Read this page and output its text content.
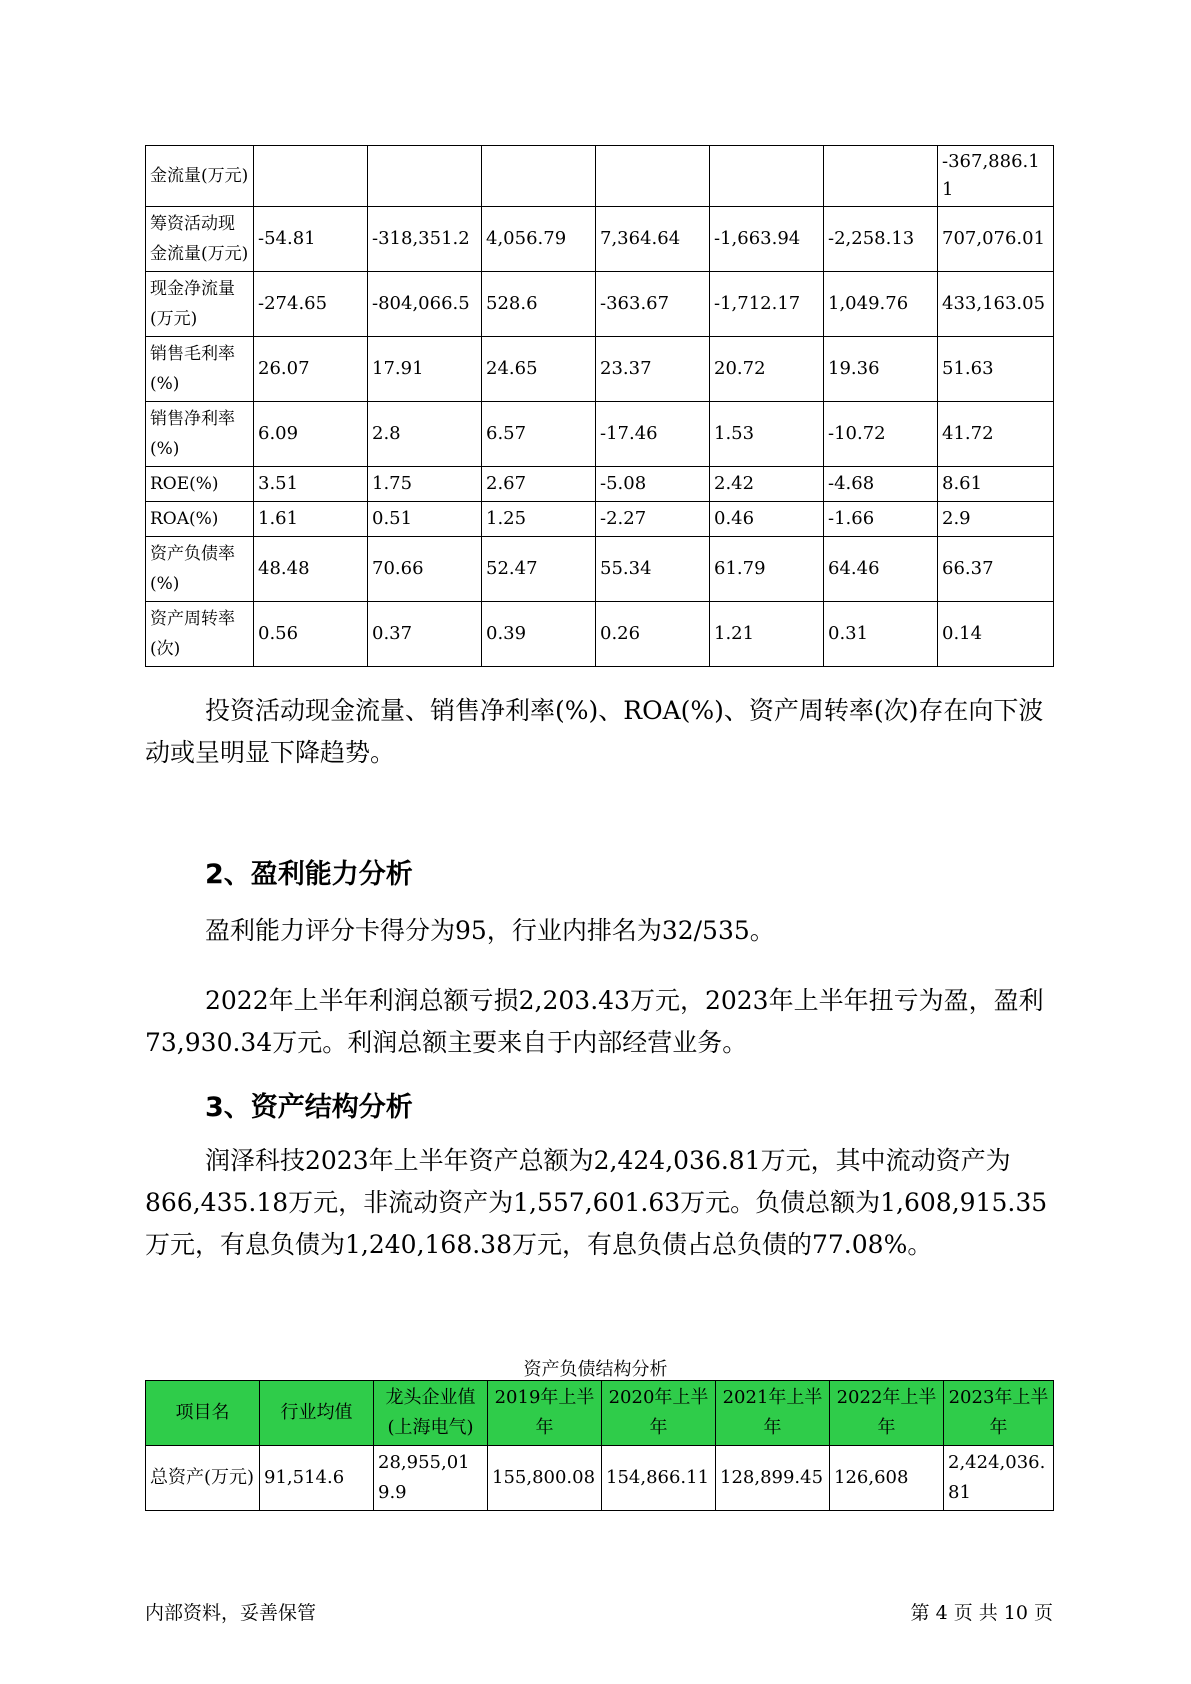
金流量(万元)							-367,886.11
筹资活动现金流量(万元)	-54.81	-318,351.2	4,056.79	7,364.64	-1,663.94	-2,258.13	707,076.01
现金净流量(万元)	-274.65	-804,066.5	528.6	-363.67	-1,712.17	1,049.76	433,163.05
销售毛利率(%)	26.07	17.91	24.65	23.37	20.72	19.36	51.63
销售净利率(%)	6.09	2.8	6.57	-17.46	1.53	-10.72	41.72
ROE(%)	3.51	1.75	2.67	-5.08	2.42	-4.68	8.61
ROA(%)	1.61	0.51	1.25	-2.27	0.46	-1.66	2.9
资产负债率(%)	48.48	70.66	52.47	55.34	61.79	64.46	66.37
资产周转率(次)	0.56	0.37	0.39	0.26	1.21	0.31	0.14

投资活动现金流量、销售净利率(%)、ROA(%)、资产周转率(次)存在向下波动或呈明显下降趋势。

2、盈利能力分析

盈利能力评分卡得分为95，行业内排名为32/535。

2022年上半年利润总额亏损2,203.43万元，2023年上半年扭亏为盈，盈利73,930.34万元。利润总额主要来自于内部经营业务。

3、资产结构分析

润泽科技2023年上半年资产总额为2,424,036.81万元，其中流动资产为866,435.18万元，非流动资产为1,557,601.63万元。负债总额为1,608,915.35万元，有息负债为1,240,168.38万元，有息负债占总负债的77.08%。

资产负债结构分析
项目名	行业均值	龙头企业值(上海电气)	2019年上半年	2020年上半年	2021年上半年	2022年上半年	2023年上半年
总资产(万元)	91,514.6	28,955,019.9	155,800.08	154,866.11	128,899.45	126,608	2,424,036.81
内部资料，妥善保管	第 4 页 共 10 页
